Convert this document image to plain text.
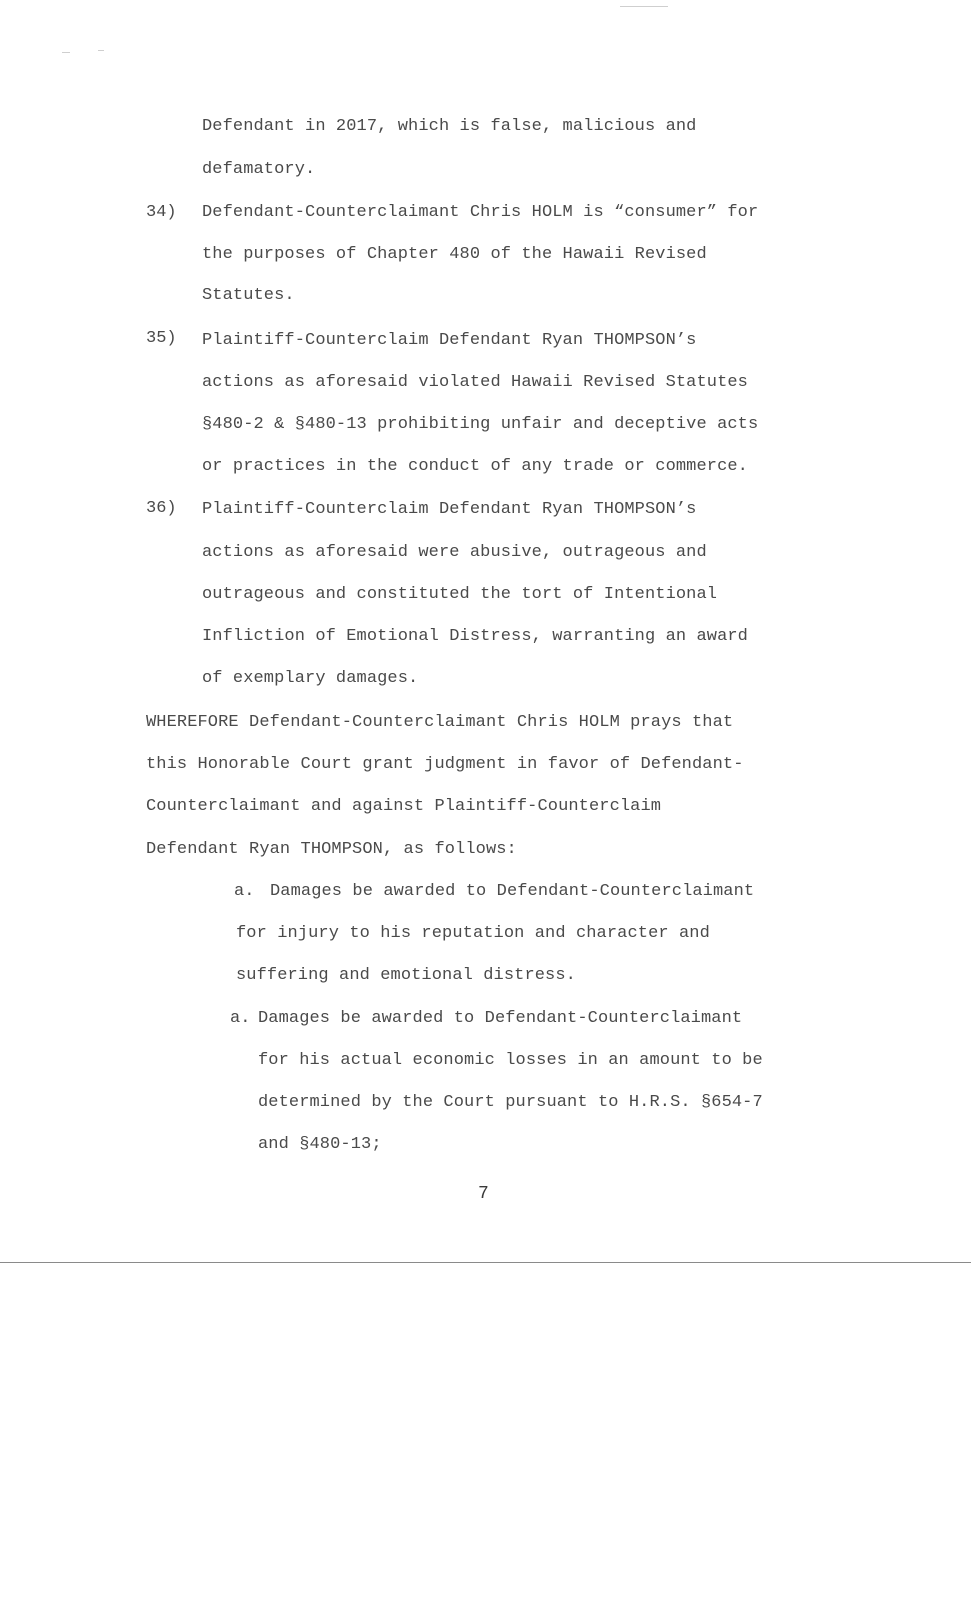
Defendant in 2017, which is false, malicious and
defamatory.
34) Defendant-Counterclaimant Chris HOLM is “consumer” for
the purposes of Chapter 480 of the Hawaii Revised
Statutes.
35) Plaintiff-Counterclaim Defendant Ryan THOMPSON’s
actions as aforesaid violated Hawaii Revised Statutes
§480-2 & §480-13 prohibiting unfair and deceptive acts
or practices in the conduct of any trade or commerce.
36) Plaintiff-Counterclaim Defendant Ryan THOMPSON’s
actions as aforesaid were abusive, outrageous and
outrageous and constituted the tort of Intentional
Infliction of Emotional Distress, warranting an award
of exemplary damages.
WHEREFORE Defendant-Counterclaimant Chris HOLM prays that
this Honorable Court grant judgment in favor of Defendant-
Counterclaimant and against Plaintiff-Counterclaim
Defendant Ryan THOMPSON, as follows:
a. Damages be awarded to Defendant-Counterclaimant
for injury to his reputation and character and
suffering and emotional distress.
a. Damages be awarded to Defendant-Counterclaimant
for his actual economic losses in an amount to be
determined by the Court pursuant to H.R.S. §654-7
and §480-13;
7
